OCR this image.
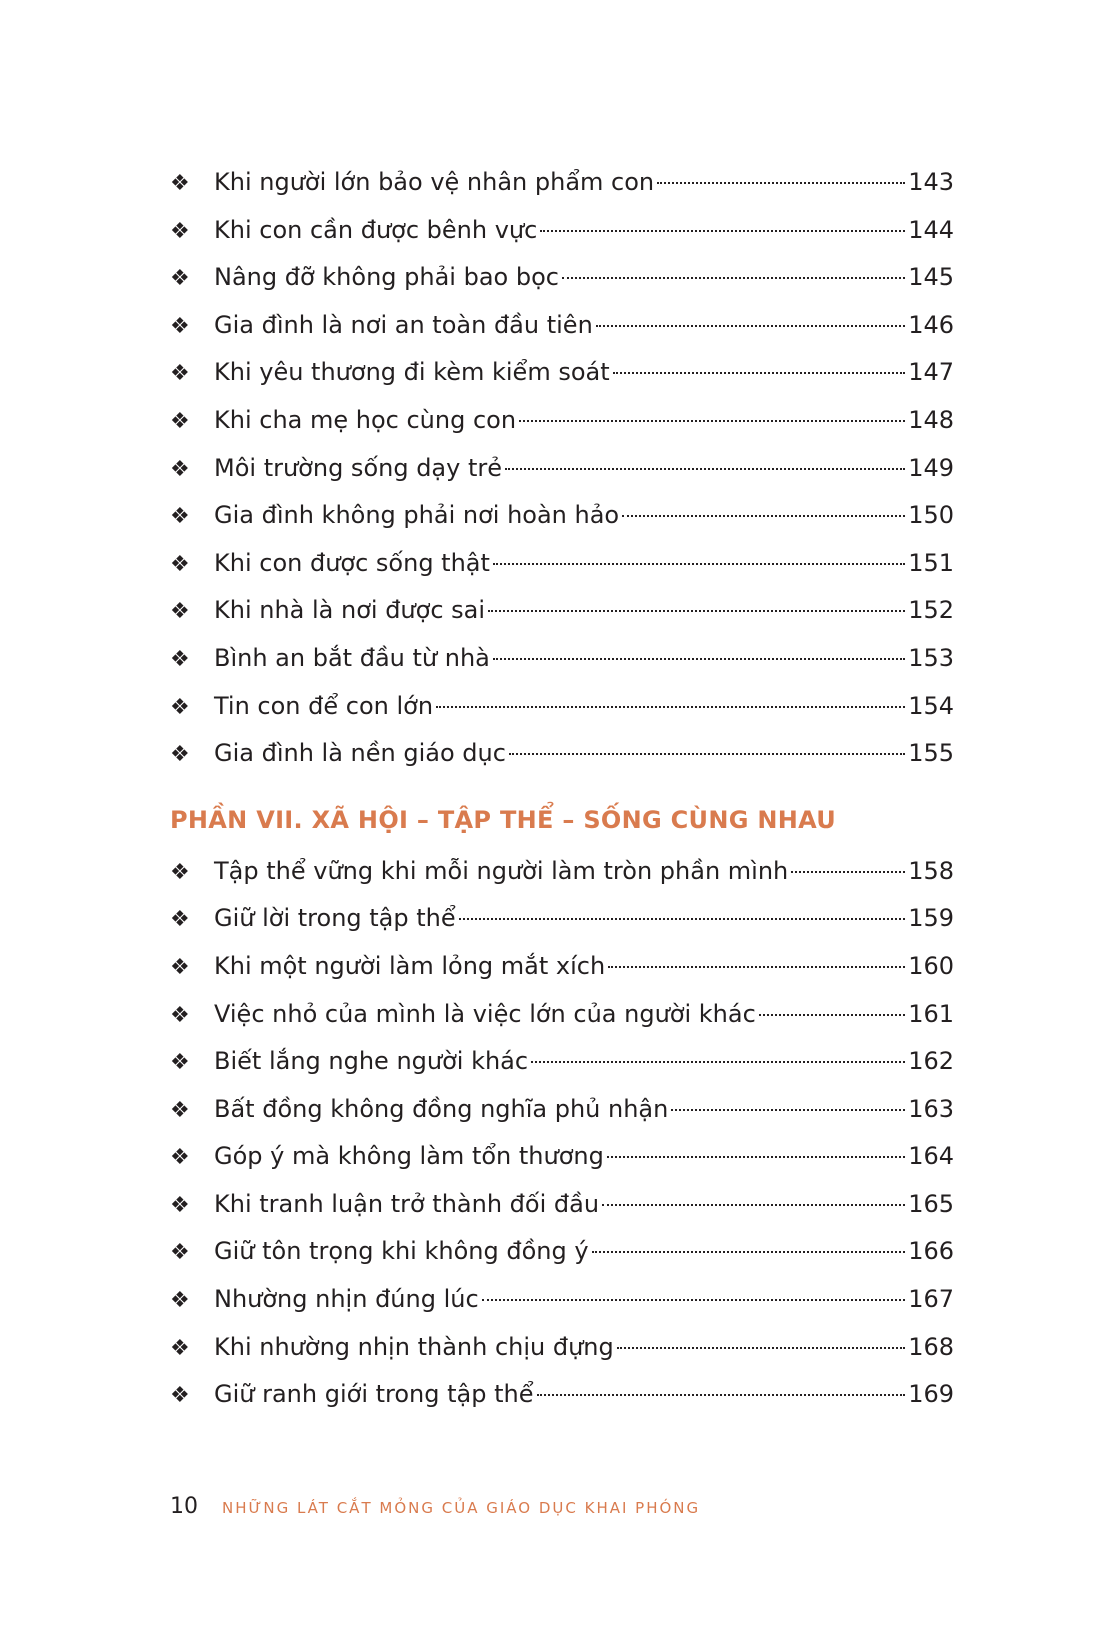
❖	Khi người lớn bảo vệ nhân phẩm con	143
❖	Khi con cần được bênh vực	144
❖	Nâng đỡ không phải bao bọc	145
❖	Gia đình là nơi an toàn đầu tiên	146
❖	Khi yêu thương đi kèm kiểm soát	147
❖	Khi cha mẹ học cùng con	148
❖	Môi trường sống dạy trẻ	149
❖	Gia đình không phải nơi hoàn hảo	150
❖	Khi con được sống thật	151
❖	Khi nhà là nơi được sai	152
❖	Bình an bắt đầu từ nhà	153
❖	Tin con để con lớn	154
❖	Gia đình là nền giáo dục	155
PHẦN VII. XÃ HỘI – TẬP THỂ – SỐNG CÙNG NHAU
❖	Tập thể vững khi mỗi người làm tròn phần mình	158
❖	Giữ lời trong tập thể	159
❖	Khi một người làm lỏng mắt xích	160
❖	Việc nhỏ của mình là việc lớn của người khác	161
❖	Biết lắng nghe người khác	162
❖	Bất đồng không đồng nghĩa phủ nhận	163
❖	Góp ý mà không làm tổn thương	164
❖	Khi tranh luận trở thành đối đầu	165
❖	Giữ tôn trọng khi không đồng ý	166
❖	Nhường nhịn đúng lúc	167
❖	Khi nhường nhịn thành chịu đựng	168
❖	Giữ ranh giới trong tập thể	169
10 NHỮNG LÁT CẮT MỎNG CỦA GIÁO DỤC KHAI PHÓNG
